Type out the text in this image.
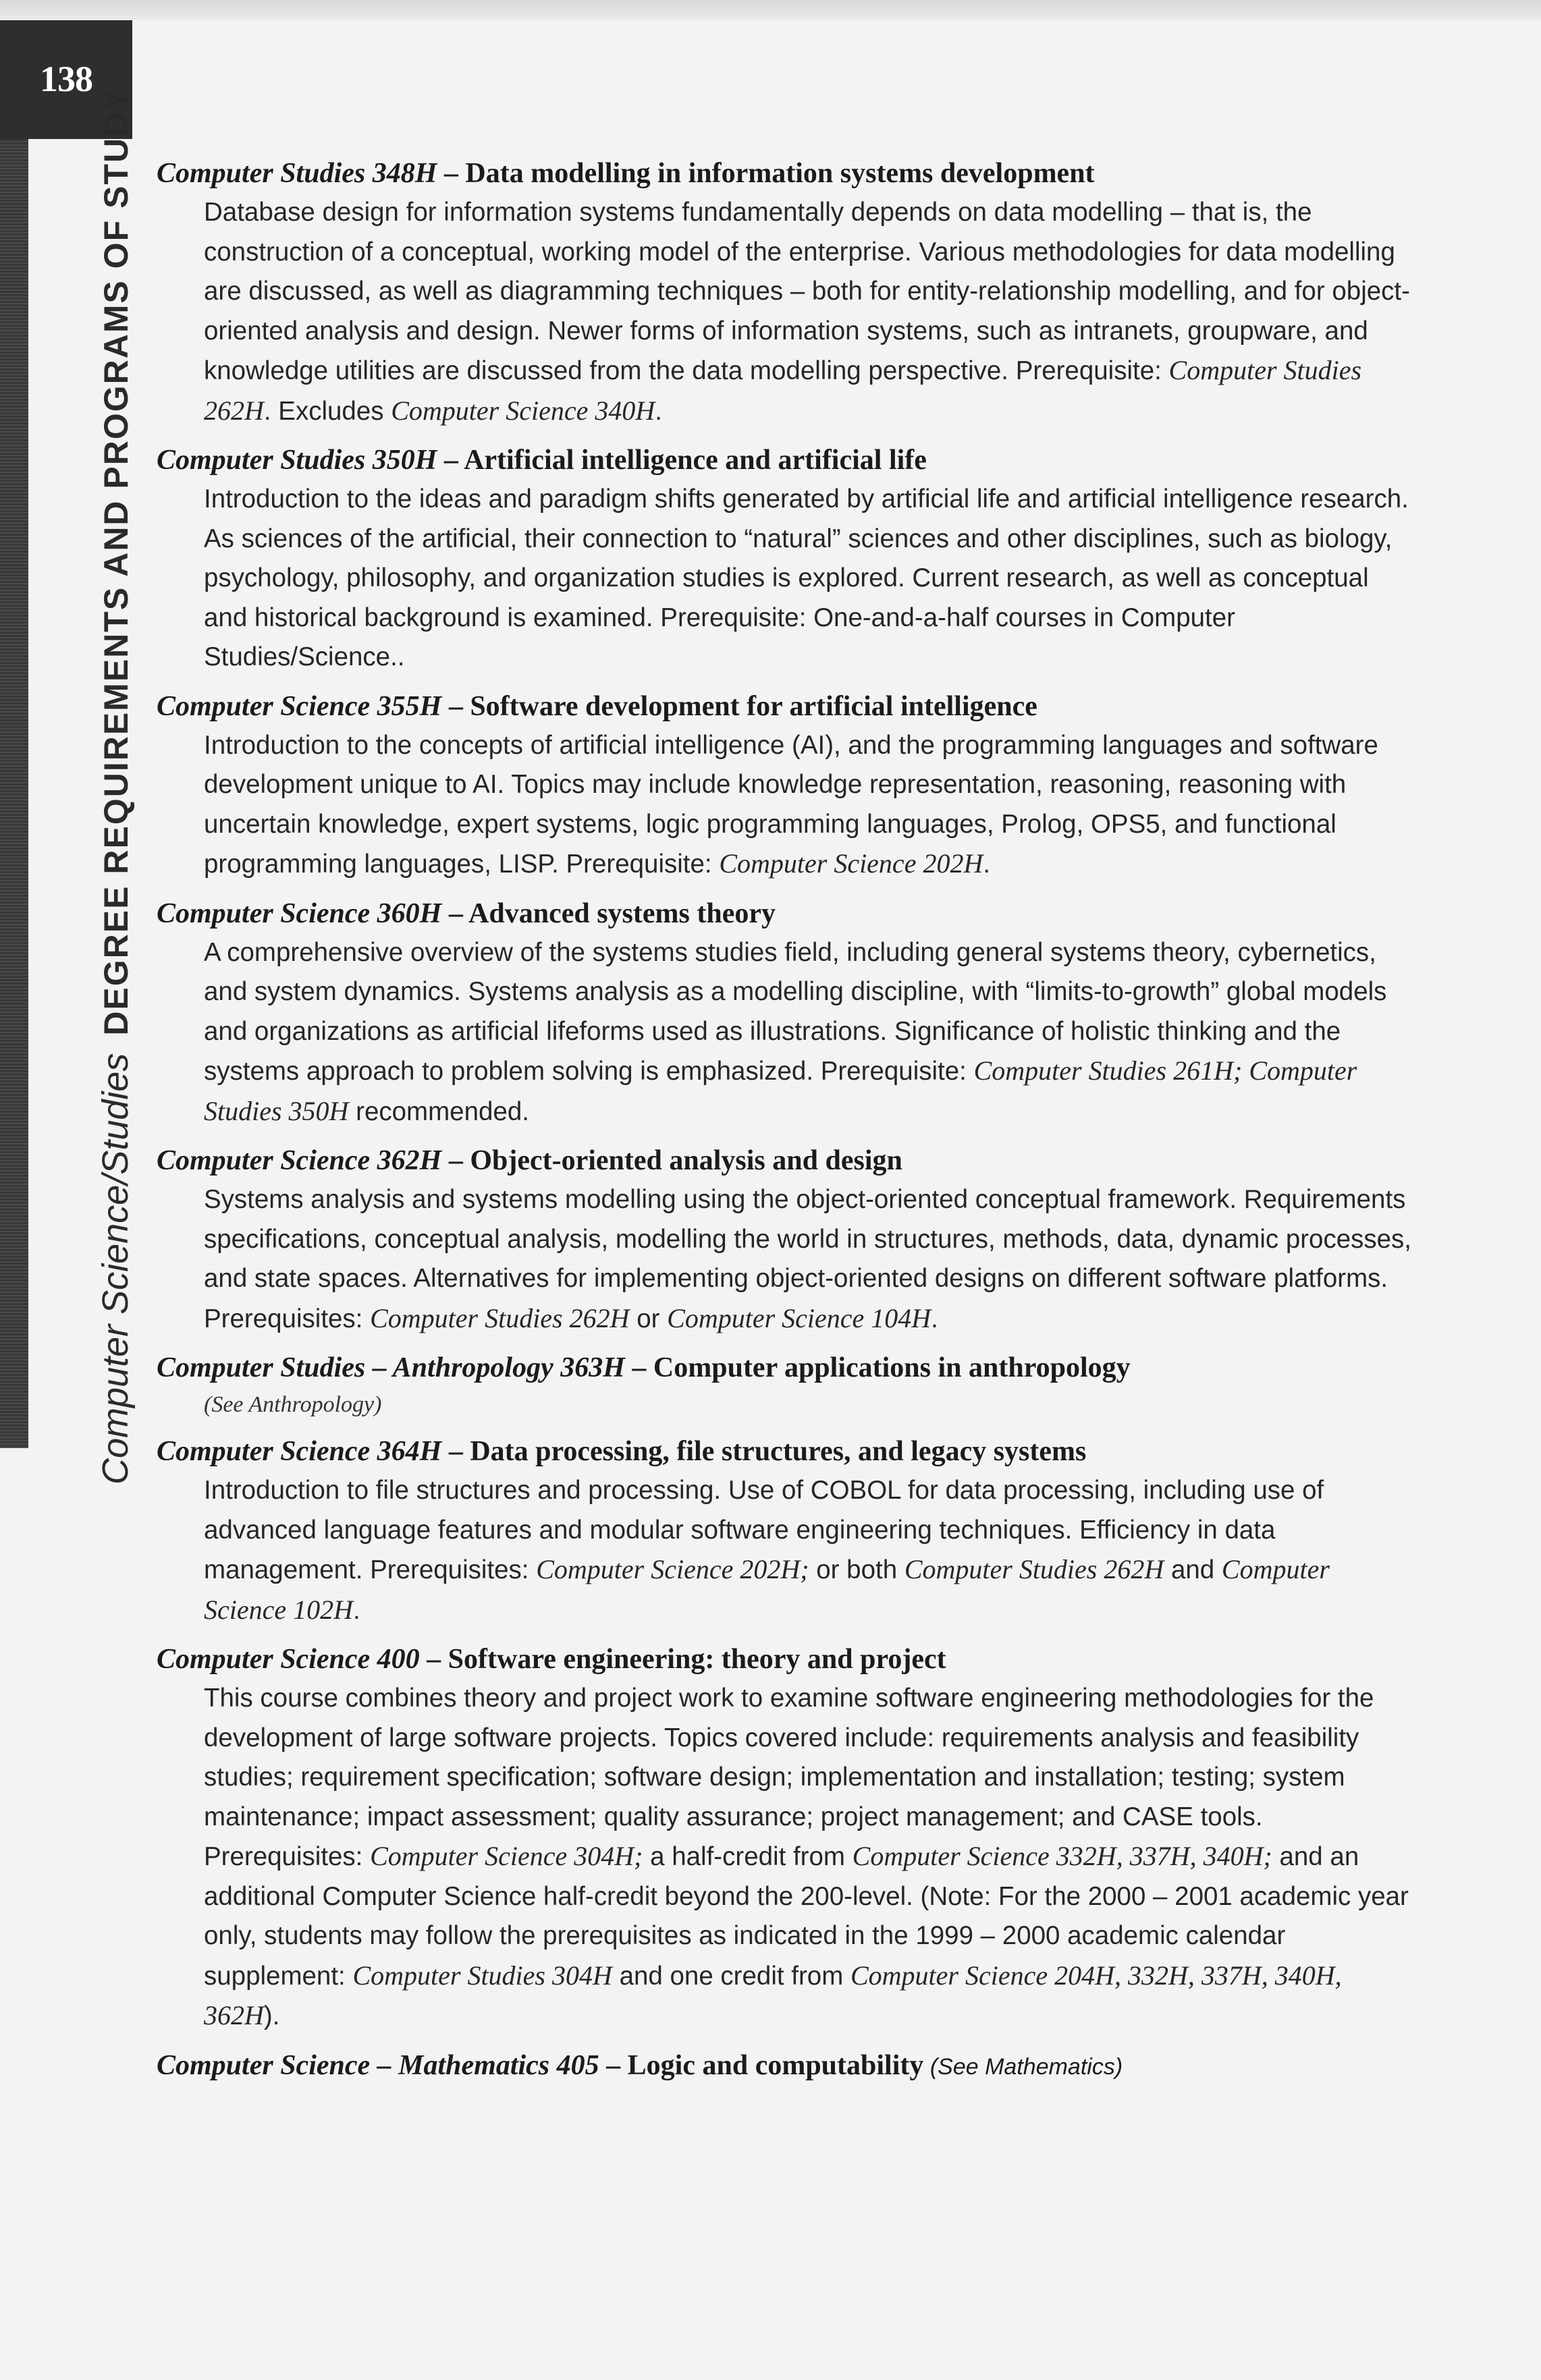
138
Computer Science/StudiesDEGREE REQUIREMENTS AND PROGRAMS OF STUDY Computer Studies 348H – Data modelling in information systems development
Database design for information systems fundamentally depends on data modelling – that is, the construction of a conceptual, working model of the enterprise. Various methodologies for data modelling are discussed, as well as diagramming techniques – both for entity-relationship modelling, and for object-oriented analysis and design. Newer forms of information systems, such as intranets, groupware, and knowledge utilities are discussed from the data modelling perspective. Prerequisite: Computer Studies 262H. Excludes Computer Science 340H.
Computer Studies 350H – Artificial intelligence and artificial life
Introduction to the ideas and paradigm shifts generated by artificial life and artificial intelligence research. As sciences of the artificial, their connection to “natural” sciences and other disciplines, such as biology, psychology, philosophy, and organization studies is explored. Current research, as well as conceptual and historical background is examined. Prerequisite: One-and-a-half courses in Computer Studies/Science..
Computer Science 355H – Software development for artificial intelligence
Introduction to the concepts of artificial intelligence (AI), and the programming languages and software development unique to AI. Topics may include knowledge representation, reasoning, reasoning with uncertain knowledge, expert systems, logic programming languages, Prolog, OPS5, and functional programming languages, LISP. Prerequisite: Computer Science 202H.
Computer Science 360H – Advanced systems theory
A comprehensive overview of the systems studies field, including general systems theory, cybernetics, and system dynamics. Systems analysis as a modelling discipline, with “limits-to-growth” global models and organizations as artificial lifeforms used as illustrations. Significance of holistic thinking and the systems approach to problem solving is emphasized. Prerequisite: Computer Studies 261H; Computer Studies 350H recommended.
Computer Science 362H – Object-oriented analysis and design
Systems analysis and systems modelling using the object-oriented conceptual framework. Requirements specifications, conceptual analysis, modelling the world in structures, methods, data, dynamic processes, and state spaces. Alternatives for implementing object-oriented designs on different software platforms. Prerequisites: Computer Studies 262H or Computer Science 104H.
Computer Studies – Anthropology 363H – Computer applications in anthropology
(See Anthropology)
Computer Science 364H – Data processing, file structures, and legacy systems
Introduction to file structures and processing. Use of COBOL for data processing, including use of advanced language features and modular software engineering techniques. Efficiency in data management. Prerequisites: Computer Science 202H; or both Computer Studies 262H and Computer Science 102H.
Computer Science 400 – Software engineering: theory and project
This course combines theory and project work to examine software engineering methodologies for the development of large software projects. Topics covered include: requirements analysis and feasibility studies; requirement specification; software design; implementation and installation; testing; system maintenance; impact assessment; quality assurance; project management; and CASE tools. Prerequisites: Computer Science 304H; a half-credit from Computer Science 332H, 337H, 340H; and an additional Computer Science half-credit beyond the 200-level. (Note: For the 2000 – 2001 academic year only, students may follow the prerequisites as indicated in the 1999 – 2000 academic calendar supplement: Computer Studies 304H and one credit from Computer Science 204H, 332H, 337H, 340H, 362H).
Computer Science – Mathematics 405 – Logic and computability (See Mathematics)
